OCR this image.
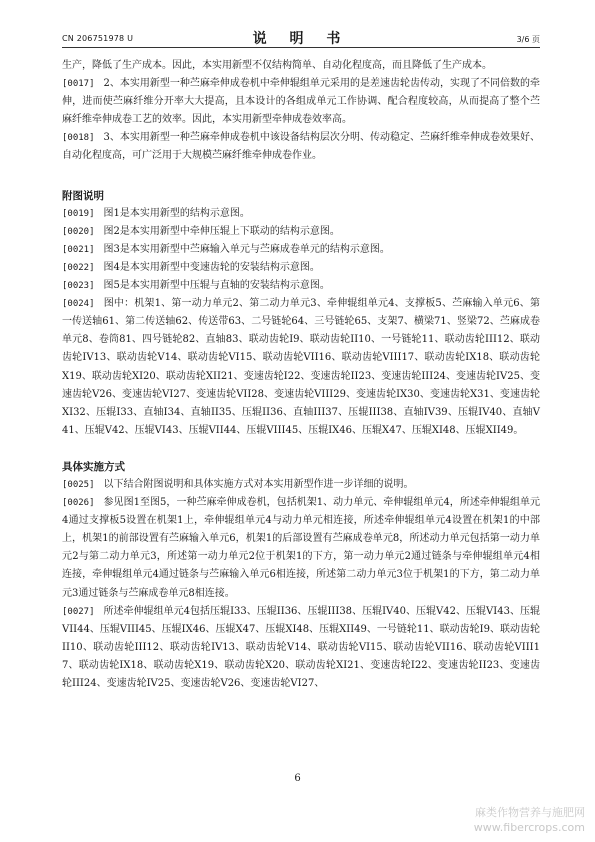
CN 206751978 U	说 明 书	3/6 页

生产，降低了生产成本。因此，本实用新型不仅结构简单、自动化程度高，而且降低了生产成本。

[0017] 2、本实用新型一种苎麻牵伸成卷机中牵伸辊组单元采用的是差速齿轮齿传动，实现了不同倍数的牵伸，进而使苎麻纤维分开率大大提高，且本设计的各组成单元工作协调、配合程度较高，从而提高了整个苎麻纤维牵伸成卷工艺的效率。因此，本实用新型牵伸成卷效率高。

[0018] 3、本实用新型一种苎麻牵伸成卷机中该设备结构层次分明、传动稳定、苎麻纤维牵伸成卷效果好、自动化程度高，可广泛用于大规模苎麻纤维牵伸成卷作业。

附图说明

[0019] 图1是本实用新型的结构示意图。

[0020] 图2是本实用新型中牵伸压辊上下联动的结构示意图。

[0021] 图3是本实用新型中苎麻输入单元与苎麻成卷单元的结构示意图。

[0022] 图4是本实用新型中变速齿轮的安装结构示意图。

[0023] 图5是本实用新型中压辊与直轴的安装结构示意图。

[0024] 图中：机架1、第一动力单元2、第二动力单元3、牵伸辊组单元4、支撑板5、苎麻输入单元6、第一传送轴61、第二传送轴62、传送带63、二号链轮64、三号链轮65、支架7、横梁71、竖梁72、苎麻成卷单元8、卷筒81、四号链轮82、直轴83、联动齿轮I9、联动齿轮II10、一号链轮11、联动齿轮III12、联动齿轮IV13、联动齿轮V14、联动齿轮VI15、联动齿轮VII16、联动齿轮VIII17、联动齿轮IX18、联动齿轮X19、联动齿轮XI20、联动齿轮XII21、变速齿轮I22、变速齿轮II23、变速齿轮III24、变速齿轮IV25、变速齿轮V26、变速齿轮VI27、变速齿轮VII28、变速齿轮VIII29、变速齿轮IX30、变速齿轮X31、变速齿轮XI32、压辊I33、直轴I34、直轴II35、压辊II36、直轴III37、压辊III38、直轴IV39、压辊IV40、直轴V41、压辊V42、压辊VI43、压辊VII44、压辊VIII45、压辊IX46、压辊X47、压辊XI48、压辊XII49。

具体实施方式

[0025] 以下结合附图说明和具体实施方式对本实用新型作进一步详细的说明。

[0026] 参见图1至图5，一种苎麻牵伸成卷机，包括机架1、动力单元、牵伸辊组单元4，所述牵伸辊组单元4通过支撑板5设置在机架1上，牵伸辊组单元4与动力单元相连接，所述牵伸辊组单元4设置在机架1的中部上，机架1的前部设置有苎麻输入单元6，机架1的后部设置有苎麻成卷单元8，所述动力单元包括第一动力单元2与第二动力单元3，所述第一动力单元2位于机架1的下方，第一动力单元2通过链条与牵伸辊组单元4相连接，牵伸辊组单元4通过链条与苎麻输入单元6相连接，所述第二动力单元3位于机架1的下方，第二动力单元3通过链条与苎麻成卷单元8相连接。

[0027] 所述牵伸辊组单元4包括压辊I33、压辊II36、压辊III38、压辊IV40、压辊V42、压辊VI43、压辊VII44、压辊VIII45、压辊IX46、压辊X47、压辊XI48、压辊XII49、一号链轮11、联动齿轮I9、联动齿轮II10、联动齿轮III12、联动齿轮IV13、联动齿轮V14、联动齿轮VI15、联动齿轮VII16、联动齿轮VIII17、联动齿轮IX18、联动齿轮X19、联动齿轮X20、联动齿轮XI21、变速齿轮I22、变速齿轮II23、变速齿轮III24、变速齿轮IV25、变速齿轮V26、变速齿轮VI27、

6
麻类作物营养与施肥网
www.fibercrops.com
